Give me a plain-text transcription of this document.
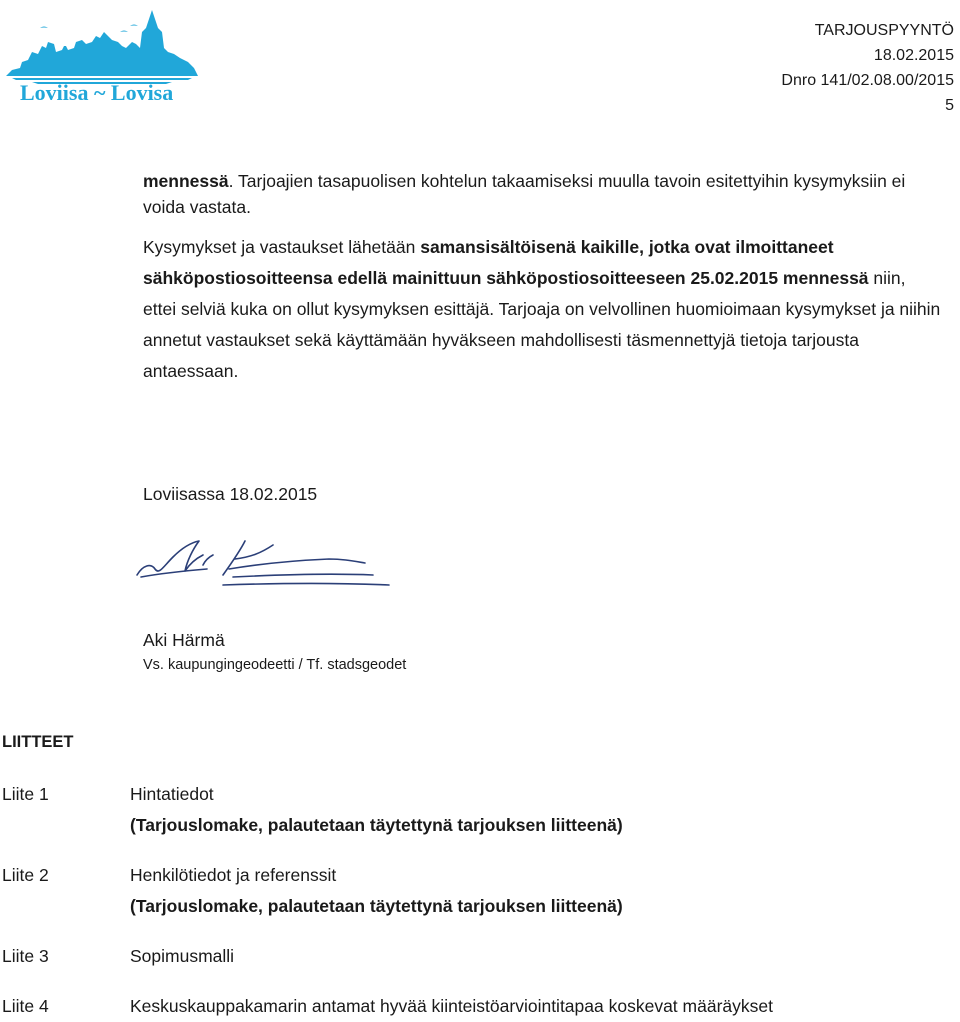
Loviisa ~ Lovisa
TARJOUSPYYNTÖ
18.02.2015
Dnro 141/02.08.00/2015
5
mennessä. Tarjoajien tasapuolisen kohtelun takaamiseksi muulla tavoin esitettyihin kysymyksiin ei voida vastata.
Kysymykset ja vastaukset lähetään samansisältöisenä kaikille, jotka ovat ilmoittaneet sähköpostiosoitteensa edellä mainittuun sähköpostiosoitteeseen 25.02.2015 mennessä niin, ettei selviä kuka on ollut kysymyksen esittäjä. Tarjoaja on velvollinen huomioimaan kysymykset ja niihin annetut vastaukset sekä käyttämään hyväkseen mahdollisesti täsmennettyjä tietoja tarjousta antaessaan.
Loviisassa 18.02.2015
Aki Härmä
Vs. kaupungingeodeetti / Tf. stadsgeodet
LIITTEET
Liite 1	Hintatiedot
(Tarjouslomake, palautetaan täytettynä tarjouksen liitteenä)
Liite 2	Henkilötiedot ja referenssit
(Tarjouslomake, palautetaan täytettynä tarjouksen liitteenä)
Liite 3	Sopimusmalli
Liite 4	Keskuskauppakamarin antamat hyvää kiinteistöarviointitapaa koskevat määräykset
